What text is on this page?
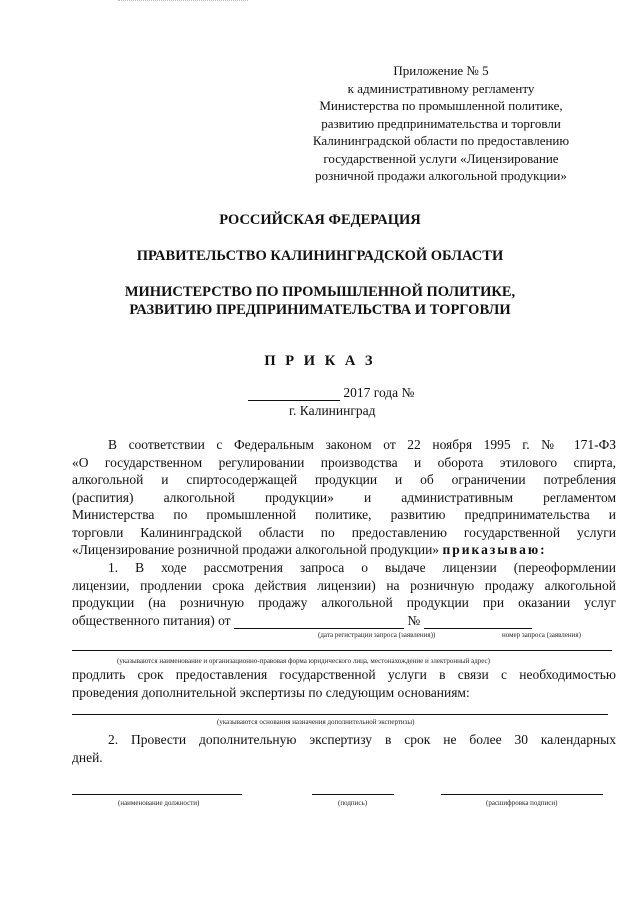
Приложение № 5
к административному регламенту
Министерства по промышленной политике,
развитию предпринимательства и торговли
Калининградской области по предоставлению
государственной услуги «Лицензирование
розничной продажи алкогольной продукции»
РОССИЙСКАЯ ФЕДЕРАЦИЯ
ПРАВИТЕЛЬСТВО КАЛИНИНГРАДСКОЙ ОБЛАСТИ
МИНИСТЕРСТВО ПО ПРОМЫШЛЕННОЙ ПОЛИТИКЕ,
РАЗВИТИЮ ПРЕДПРИНИМАТЕЛЬСТВА И ТОРГОВЛИ
П Р И К А З
2017 года №
г. Калининград
В соответствии с Федеральным законом от 22 ноября 1995 г. № 171-ФЗ
«О государственном регулировании производства и оборота этилового спирта,
алкогольной и спиртосодержащей продукции и об ограничении потребления
(распития) алкогольной продукции» и административным регламентом
Министерства по промышленной политике, развитию предпринимательства и
торговли Калининградской области по предоставлению государственной услуги
«Лицензирование розничной продажи алкогольной продукции» приказываю:
1. В ходе рассмотрения запроса о выдаче лицензии (переоформлении
лицензии, продлении срока действия лицензии) на розничную продажу алкогольной
продукции (на розничную продажу алкогольной продукции при оказании услуг
общественного питания) от	№
(дата регистрации запроса (заявления))	номер запроса (заявления)
(указываются наименование и организационно-правовая форма юридического лица, местонахождение и электронный адрес)
продлить срок предоставления государственной услуги в связи с необходимостью
проведения дополнительной экспертизы по следующим основаниям:
(указываются основания назначения дополнительной экспертизы)
2. Провести дополнительную экспертизу в срок не более 30 календарных
дней.
(наименование должности)	(подпись)	(расшифровка подписи)
